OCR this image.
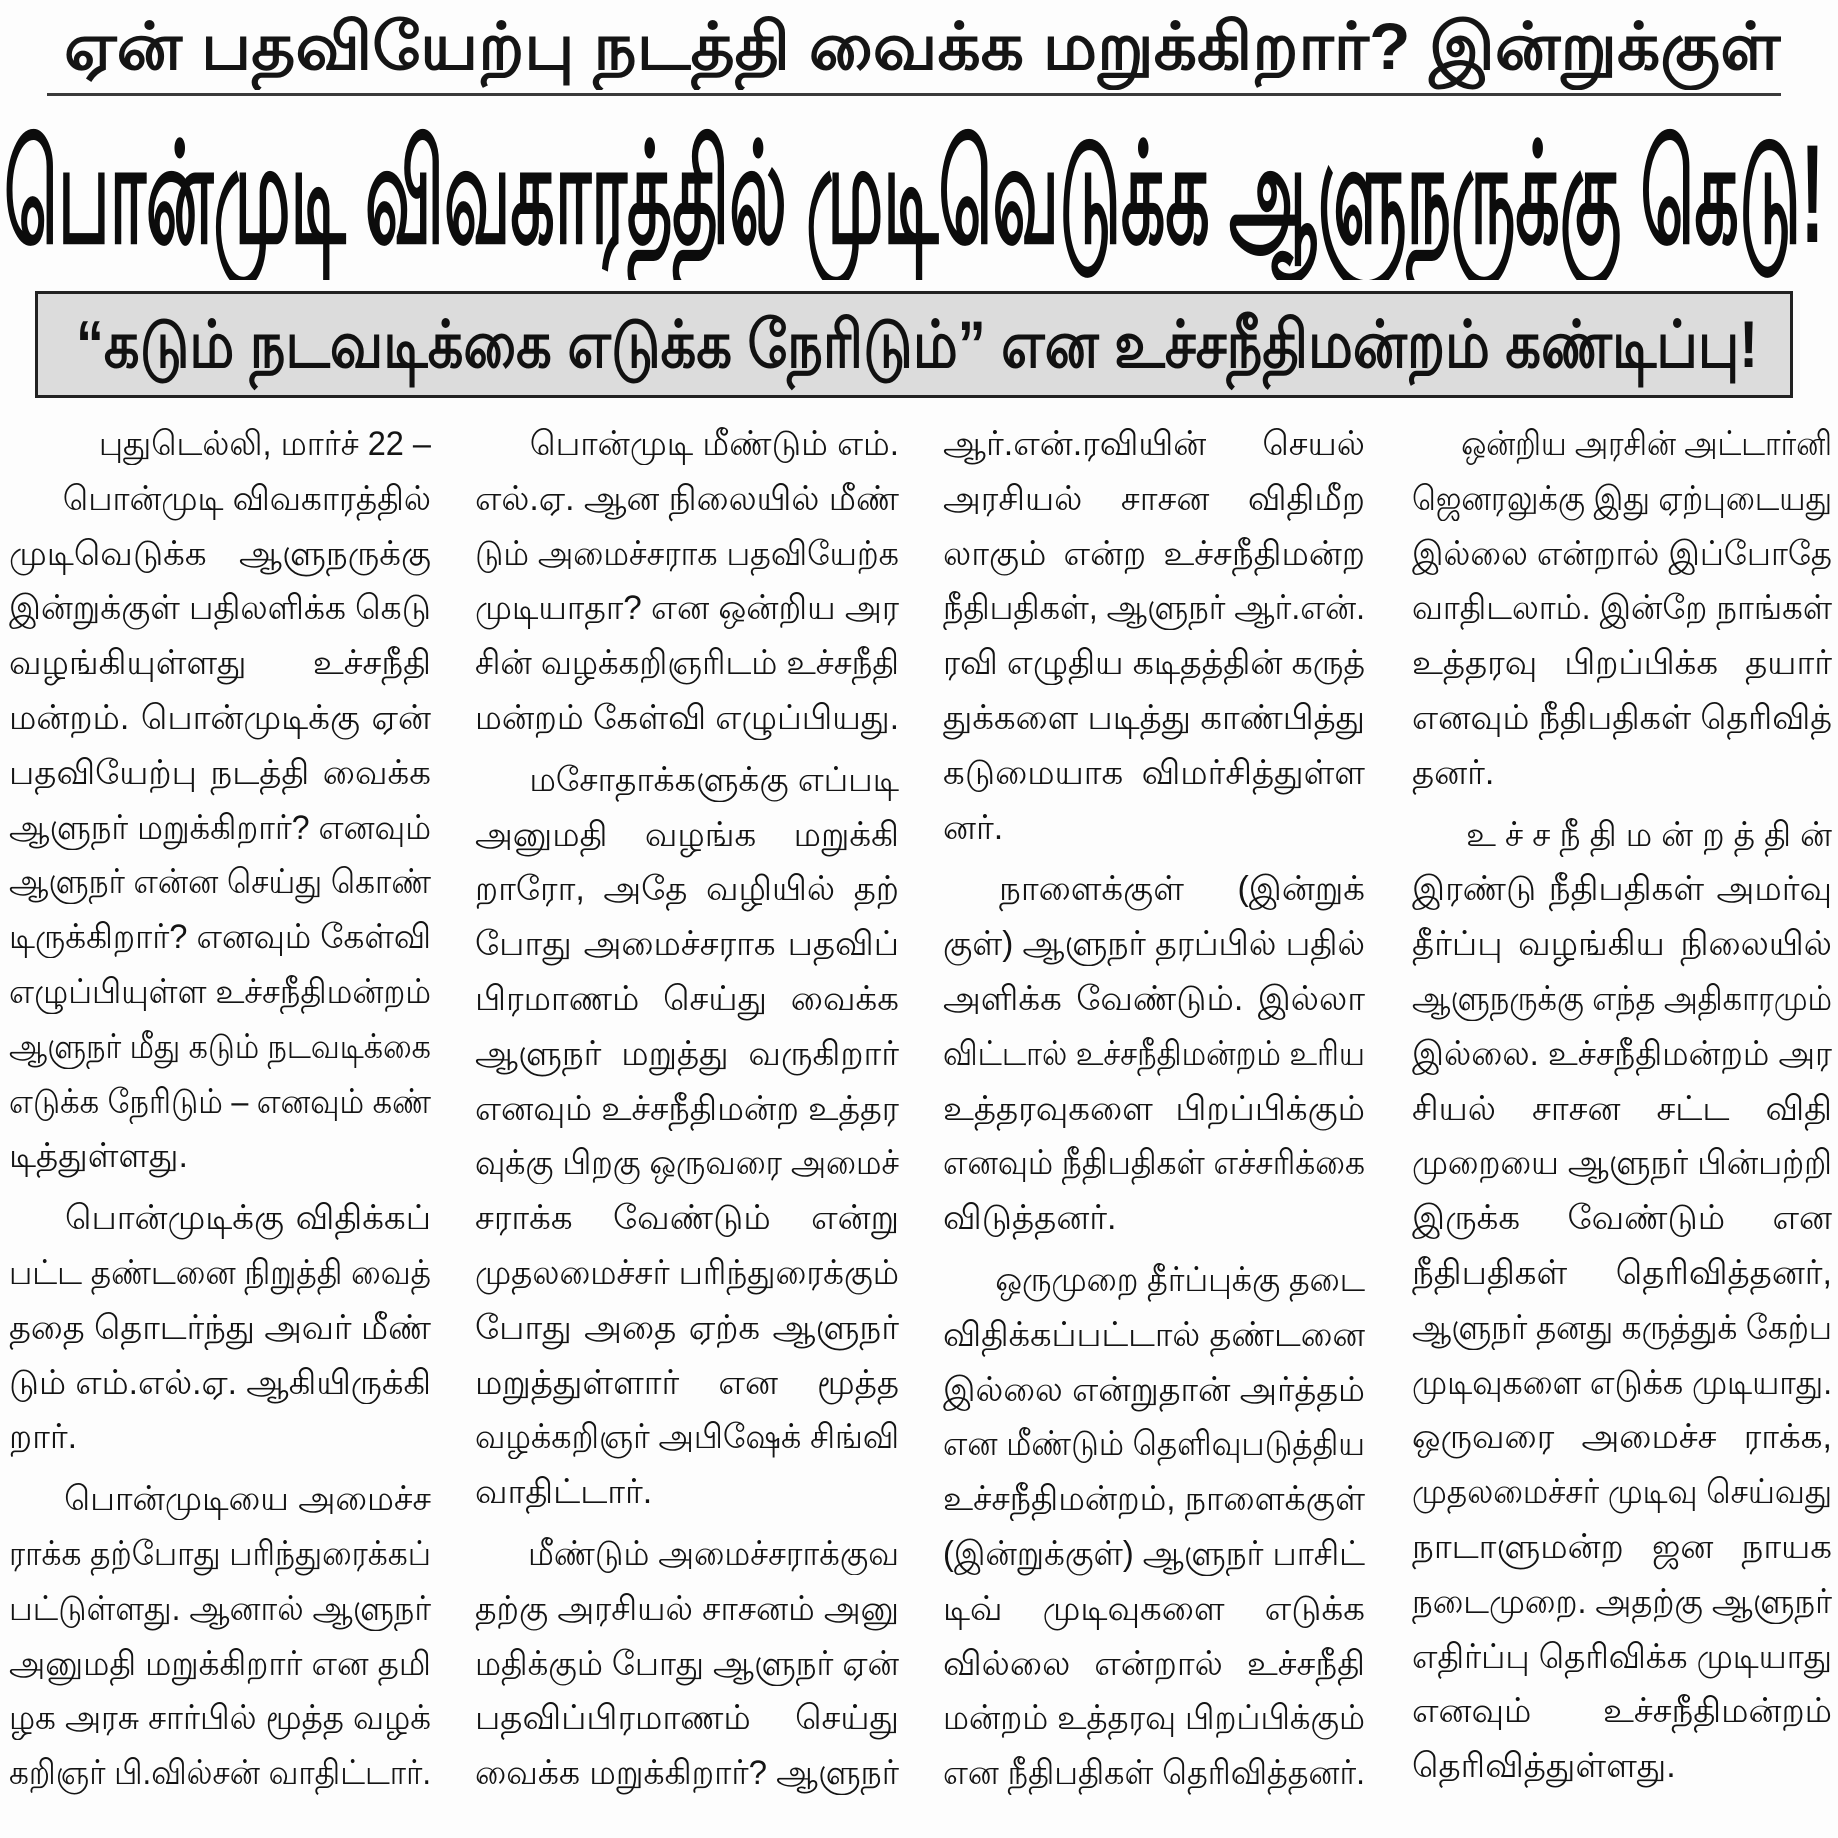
ஏன் பதவியேற்பு நடத்தி வைக்க மறுக்கிறார்? இன்றுக்குள்
பொன்முடி விவகாரத்தில் முடிவெடுக்க ஆளுநருக்கு கெடு!
“கடும் நடவடிக்கை எடுக்க நேரிடும்” என உச்சநீதிமன்றம் கண்டிப்பு!
புதுடெல்லி, மார்ச் 22 –
பொன்முடி விவகாரத்தில்
முடிவெடுக்க ஆளுநருக்கு
இன்றுக்குள் பதிலளிக்க கெடு
வழங்கியுள்ளது உச்சநீதி
மன்றம். பொன்முடிக்கு ஏன்
பதவியேற்பு நடத்தி வைக்க
ஆளுநர் மறுக்கிறார்? எனவும்
ஆளுநர் என்ன செய்து கொண்
டிருக்கிறார்? எனவும் கேள்வி
எழுப்பியுள்ள உச்சநீதிமன்றம்
ஆளுநர் மீது கடும் நடவடிக்கை
எடுக்க நேரிடும் – எனவும் கண்
டித்துள்ளது.
பொன்முடிக்கு விதிக்கப்
பட்ட தண்டனை நிறுத்தி வைத்
ததை தொடர்ந்து அவர் மீண்
டும் எம்.எல்.ஏ. ஆகியிருக்கி
றார்.
பொன்முடியை அமைச்ச
ராக்க தற்போது பரிந்துரைக்கப்
பட்டுள்ளது. ஆனால் ஆளுநர்
அனுமதி மறுக்கிறார் என தமி
ழக அரசு சார்பில் மூத்த வழக்
கறிஞர் பி.வில்சன் வாதிட்டார்.
பொன்முடி மீண்டும் எம்.
எல்.ஏ. ஆன நிலையில் மீண்
டும் அமைச்சராக பதவியேற்க
முடியாதா? என ஒன்றிய அர
சின் வழக்கறிஞரிடம் உச்சநீதி
மன்றம் கேள்வி எழுப்பியது.
மசோதாக்களுக்கு எப்படி
அனுமதி வழங்க மறுக்கி
றாரோ, அதே வழியில் தற்
போது அமைச்சராக பதவிப்
பிரமாணம் செய்து வைக்க
ஆளுநர் மறுத்து வருகிறார்
எனவும் உச்சநீதிமன்ற உத்தர
வுக்கு பிறகு ஒருவரை அமைச்
சராக்க வேண்டும் என்று
முதலமைச்சர் பரிந்துரைக்கும்
போது அதை ஏற்க ஆளுநர்
மறுத்துள்ளார் என மூத்த
வழக்கறிஞர் அபிஷேக் சிங்வி
வாதிட்டார்.
மீண்டும் அமைச்சராக்குவ
தற்கு அரசியல் சாசனம் அனு
மதிக்கும் போது ஆளுநர் ஏன்
பதவிப்பிரமாணம் செய்து
வைக்க மறுக்கிறார்? ஆளுநர்
ஆர்.என்.ரவியின் செயல்
அரசியல் சாசன விதிமீற
லாகும் என்ற உச்சநீதிமன்ற
நீதிபதிகள், ஆளுநர் ஆர்.என்.
ரவி எழுதிய கடிதத்தின் கருத்
துக்களை படித்து காண்பித்து
கடுமையாக விமர்சித்துள்ள
னர்.
நாளைக்குள் (இன்றுக்
குள்) ஆளுநர் தரப்பில் பதில்
அளிக்க வேண்டும். இல்லா
விட்டால் உச்சநீதிமன்றம் உரிய
உத்தரவுகளை பிறப்பிக்கும்
எனவும் நீதிபதிகள் எச்சரிக்கை
விடுத்தனர்.
ஒருமுறை தீர்ப்புக்கு தடை
விதிக்கப்பட்டால் தண்டனை
இல்லை என்றுதான் அர்த்தம்
என மீண்டும் தெளிவுபடுத்திய
உச்சநீதிமன்றம், நாளைக்குள்
(இன்றுக்குள்) ஆளுநர் பாசிட்
டிவ் முடிவுகளை எடுக்க
வில்லை என்றால் உச்சநீதி
மன்றம் உத்தரவு பிறப்பிக்கும்
என நீதிபதிகள் தெரிவித்தனர்.
ஒன்றிய அரசின் அட்டார்னி
ஜெனரலுக்கு இது ஏற்புடையது
இல்லை என்றால் இப்போதே
வாதிடலாம். இன்றே நாங்கள்
உத்தரவு பிறப்பிக்க தயார்
எனவும் நீதிபதிகள் தெரிவித்
தனர்.
உ ச் ச நீ தி ம ன் ற த் தி ன்
இரண்டு நீதிபதிகள் அமர்வு
தீர்ப்பு வழங்கிய நிலையில்
ஆளுநருக்கு எந்த அதிகாரமும்
இல்லை. உச்சநீதிமன்றம் அர
சியல் சாசன சட்ட விதி
முறையை ஆளுநர் பின்பற்றி
இருக்க வேண்டும் என
நீதிபதிகள் தெரிவித்தனர்,
ஆளுநர் தனது கருத்துக் கேற்ப
முடிவுகளை எடுக்க முடியாது.
ஒருவரை அமைச்ச ராக்க,
முதலமைச்சர் முடிவு செய்வது
நாடாளுமன்ற ஜன நாயக
நடைமுறை. அதற்கு ஆளுநர்
எதிர்ப்பு தெரிவிக்க முடியாது
எனவும் உச்சநீதிமன்றம்
தெரிவித்துள்ளது.
